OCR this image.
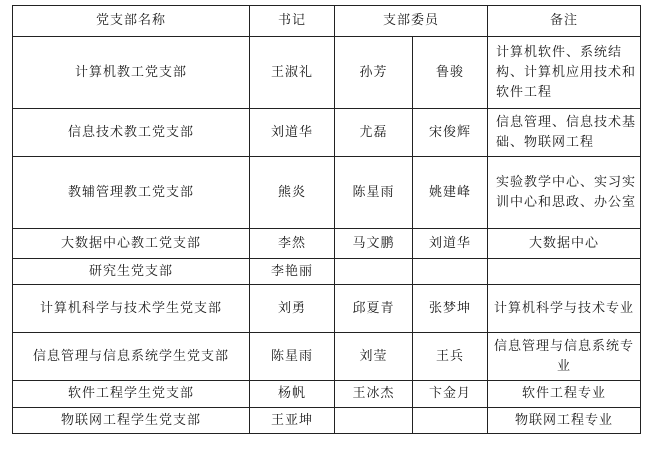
党支部名称	书记	支部委员		备注
计算机教工党支部	王淑礼	孙芳	鲁骏	计算机软件、系统结构、计算机应用技术和软件工程
信息技术教工党支部	刘道华	尤磊	宋俊辉	信息管理、信息技术基础、物联网工程
教辅管理教工党支部	熊炎	陈星雨	姚建峰	实验教学中心、实习实训中心和思政、办公室
大数据中心教工党支部	李然	马文鹏	刘道华	大数据中心
研究生党支部	李艳丽			
计算机科学与技术学生党支部	刘勇	邱夏青	张梦坤	计算机科学与技术专业
信息管理与信息系统学生党支部	陈星雨	刘莹	王兵	信息管理与信息系统专业
软件工程学生党支部	杨帆	王冰杰	卞金月	软件工程专业
物联网工程学生党支部	王亚坤			物联网工程专业
